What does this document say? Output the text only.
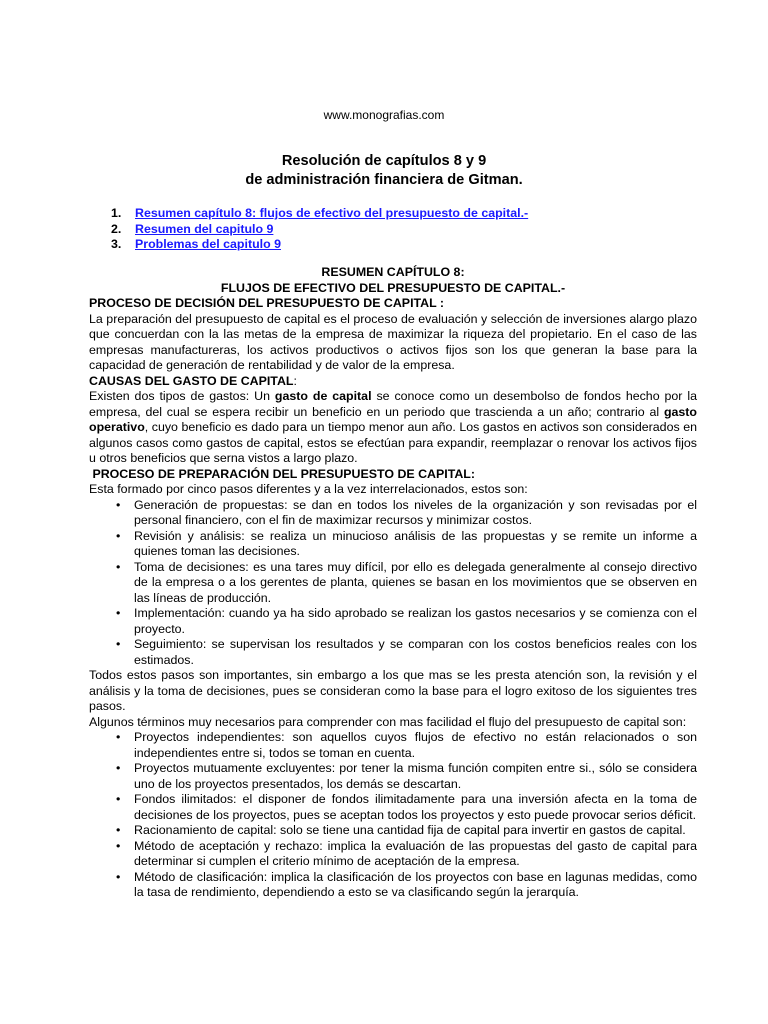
www.monografias.com
Resolución de capítulos 8 y 9
de administración financiera de Gitman.
1.	Resumen capítulo 8: flujos de efectivo del presupuesto de capital.-
2.	Resumen del capitulo 9
3.	Problemas del capitulo 9
RESUMEN CAPÍTULO 8:
FLUJOS DE EFECTIVO DEL PRESUPUESTO DE CAPITAL.-
PROCESO DE DECISIÓN DEL PRESUPUESTO DE CAPITAL :

La preparación del presupuesto de capital es el proceso de evaluación y selección de inversiones alargo plazo que concuerdan con la las metas de la empresa de maximizar la riqueza del propietario. En el caso de las empresas manufactureras, los activos productivos o activos fijos son los que generan la base para la capacidad de generación de rentabilidad y de valor de la empresa.

CAUSAS DEL GASTO DE CAPITAL:

Existen dos tipos de gastos: Un gasto de capital se conoce como un desembolso de fondos hecho por la empresa, del cual se espera recibir un beneficio en un periodo que trascienda a un año; contrario al gasto operativo, cuyo beneficio es dado para un tiempo menor aun año. Los gastos en activos son considerados en algunos casos como gastos de capital, estos se efectúan para expandir, reemplazar o renovar los activos fijos u otros beneficios que serna vistos a largo plazo.

PROCESO DE PREPARACIÓN DEL PRESUPUESTO DE CAPITAL:

Esta formado por cinco pasos diferentes y a la vez interrelacionados, estos son:

• Generación de propuestas: se dan en todos los niveles de la organización y son revisadas por el personal financiero, con el fin de maximizar recursos y minimizar costos.
• Revisión y análisis: se realiza un minucioso análisis de las propuestas y se remite un informe a quienes toman las decisiones.
• Toma de decisiones: es una tares muy difícil, por ello es delegada generalmente al consejo directivo de la empresa o a los gerentes de planta, quienes se basan en los movimientos que se observen en las líneas de producción.
• Implementación: cuando ya ha sido aprobado se realizan los gastos necesarios y se comienza con el proyecto.
• Seguimiento: se supervisan los resultados y se comparan con los costos beneficios reales con los estimados.

Todos estos pasos son importantes, sin embargo a los que mas se les presta atención son, la revisión y el análisis y la toma de decisiones, pues se consideran como la base para el logro exitoso de los siguientes tres pasos.

Algunos términos muy necesarios para comprender con mas facilidad el flujo del presupuesto de capital son:

• Proyectos independientes: son aquellos cuyos flujos de efectivo no están relacionados o son independientes entre si, todos se toman en cuenta.
• Proyectos mutuamente excluyentes: por tener la misma función compiten entre si., sólo se considera uno de los proyectos presentados, los demás se descartan.
• Fondos ilimitados: el disponer de fondos ilimitadamente para una inversión afecta en la toma de decisiones de los proyectos, pues se aceptan todos los proyectos y esto puede provocar serios déficit.
• Racionamiento de capital: solo se tiene una cantidad fija de capital para invertir en gastos de capital.
• Método de aceptación y rechazo: implica la evaluación de las propuestas del gasto de capital para determinar si cumplen el criterio mínimo de aceptación de la empresa.
• Método de clasificación: implica la clasificación de los proyectos con base en lagunas medidas, como la tasa de rendimiento, dependiendo a esto se va clasificando según la jerarquía.
